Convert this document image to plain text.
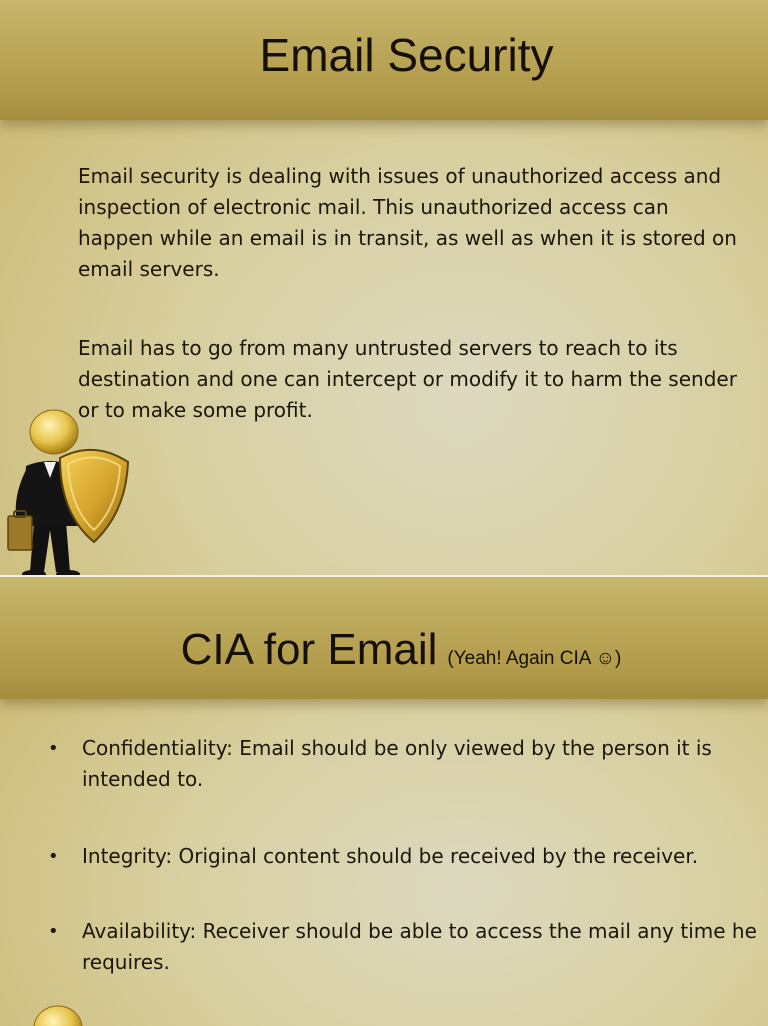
Email Security

Email security is dealing with issues of unauthorized access and inspection of electronic mail. This unauthorized access can happen while an email is in transit, as well as when it is stored on email servers.

Email has to go from many untrusted servers to reach to its destination and one can intercept or modify it to harm the sender or to make some profit.

CIA for Email (Yeah! Again CIA ☺)
•	Confidentiality: Email should be only viewed by the person it is intended to.
•	Integrity: Original content should be received by the receiver.
•	Availability: Receiver should be able to access the mail any time he requires.
